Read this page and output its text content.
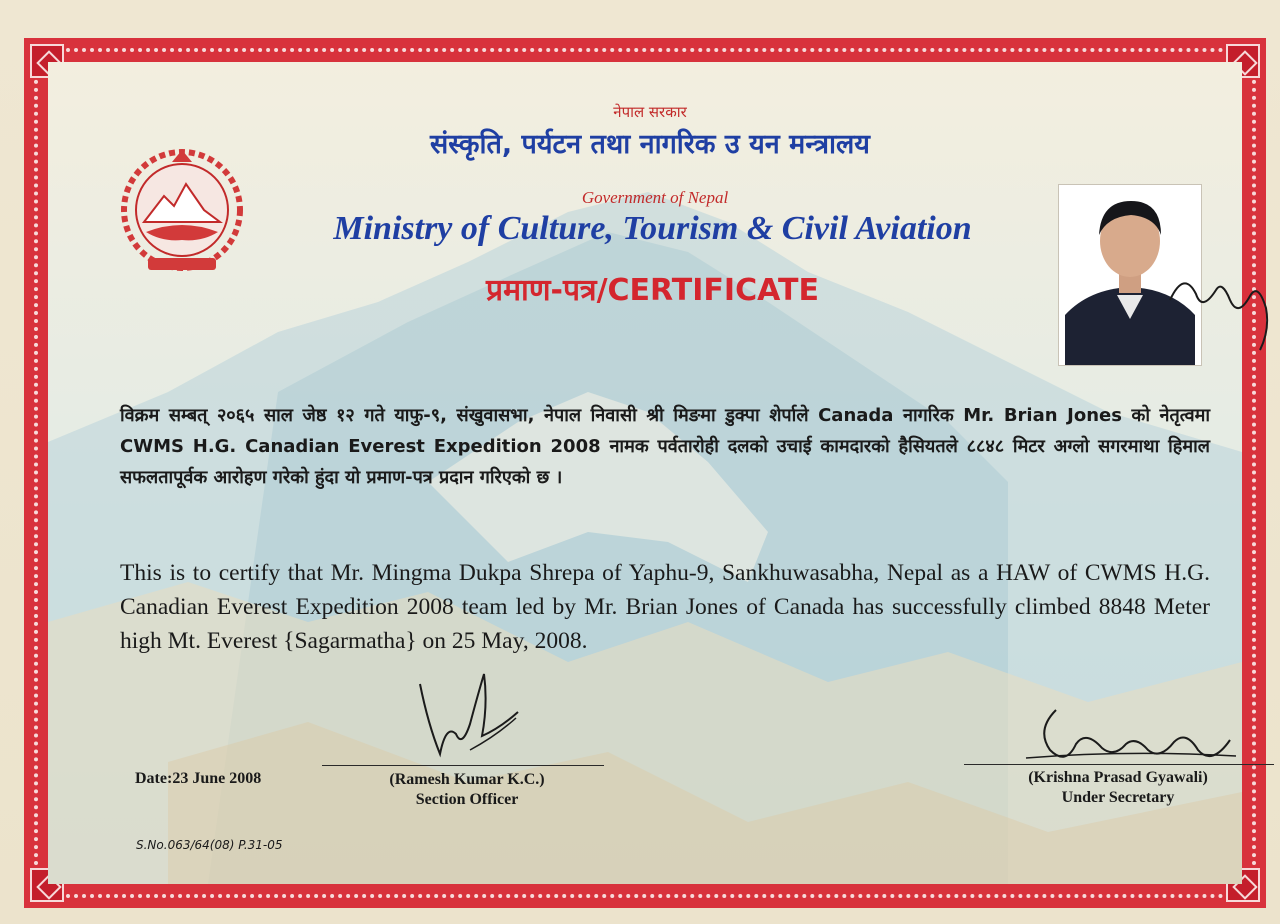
नेपाल सरकार
संस्कृति, पर्यटन तथा नागरिक उ यन मन्त्रालय
Government of Nepal
Ministry of Culture, Tourism & Civil Aviation
प्रमाण-पत्र/CERTIFICATE
विक्रम सम्बत् २०६५ साल जेष्ठ १२ गते याफु-९, संखुवासभा, नेपाल निवासी श्री मिङमा डुक्पा शेर्पाले Canada नागरिक Mr. Brian Jones को नेतृत्वमा CWMS H.G. Canadian Everest Expedition 2008 नामक पर्वतारोही दलको उचाई कामदारको हैसियतले ८८४८ मिटर अग्लो सगरमाथा हिमाल सफलतापूर्वक आरोहण गरेको हुंदा यो प्रमाण-पत्र प्रदान गरिएको छ ।
This is to certify that Mr. Mingma Dukpa Shrepa of Yaphu-9, Sankhuwasabha, Nepal as a HAW of CWMS H.G. Canadian Everest Expedition 2008 team led by Mr. Brian Jones of Canada has successfully climbed 8848 Meter high Mt. Everest {Sagarmatha} on 25 May, 2008.
Date:23 June 2008	(Ramesh Kumar K.C.)
Section Officer
(Krishna Prasad Gyawali)
Under Secretary
S.No.063/64(08) P.31-05
